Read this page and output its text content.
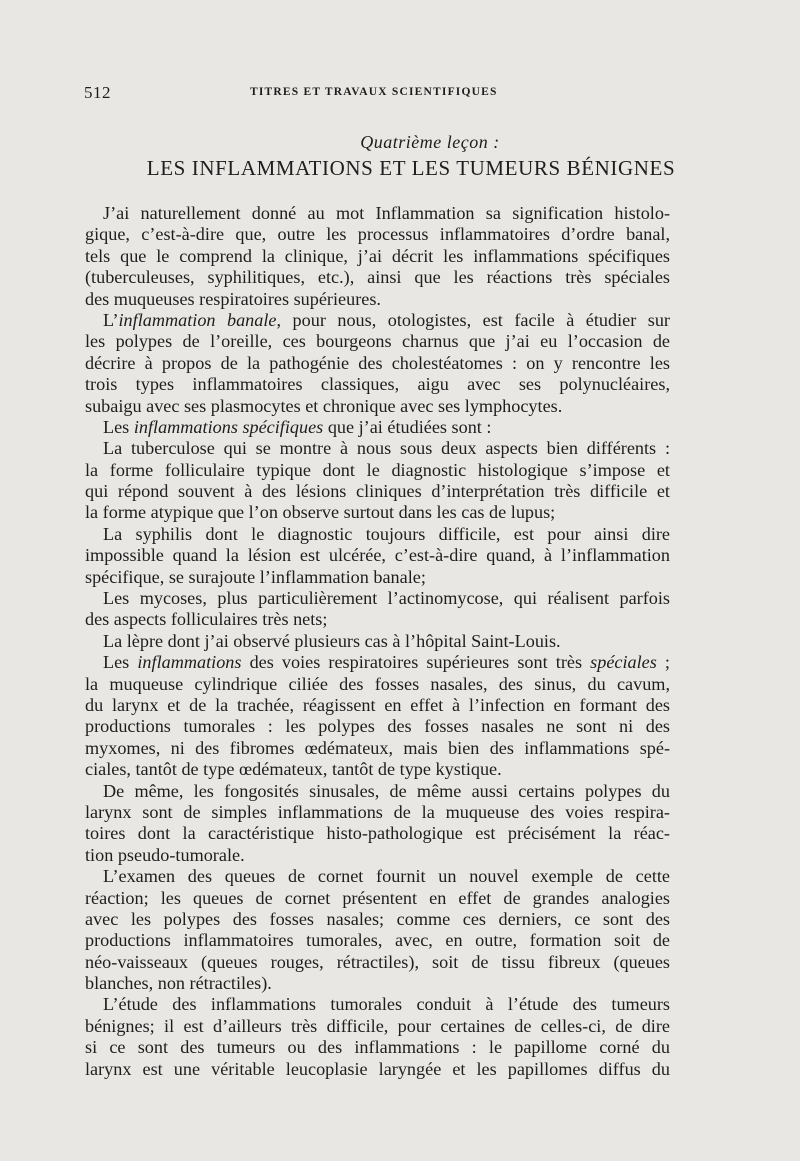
512	TITRES ET TRAVAUX SCIENTIFIQUES
Quatrième leçon :
LES INFLAMMATIONS ET LES TUMEURS BÉNIGNES
J’ai naturellement donné au mot Inflammation sa signification histolo-
gique, c’est-à-dire que, outre les processus inflammatoires d’ordre banal,
tels que le comprend la clinique, j’ai décrit les inflammations spécifiques
(tuberculeuses, syphilitiques, etc.), ainsi que les réactions très spéciales
des muqueuses respiratoires supérieures.
L’inflammation banale, pour nous, otologistes, est facile à étudier sur
les polypes de l’oreille, ces bourgeons charnus que j’ai eu l’occasion de
décrire à propos de la pathogénie des cholestéatomes : on y rencontre les
trois types inflammatoires classiques, aigu avec ses polynucléaires,
subaigu avec ses plasmocytes et chronique avec ses lymphocytes.
Les inflammations spécifiques que j’ai étudiées sont :
La tuberculose qui se montre à nous sous deux aspects bien différents :
la forme folliculaire typique dont le diagnostic histologique s’impose et
qui répond souvent à des lésions cliniques d’interprétation très difficile et
la forme atypique que l’on observe surtout dans les cas de lupus;
La syphilis dont le diagnostic toujours difficile, est pour ainsi dire
impossible quand la lésion est ulcérée, c’est-à-dire quand, à l’inflammation
spécifique, se surajoute l’inflammation banale;
Les mycoses, plus particulièrement l’actinomycose, qui réalisent parfois
des aspects folliculaires très nets;
La lèpre dont j’ai observé plusieurs cas à l’hôpital Saint-Louis.
Les inflammations des voies respiratoires supérieures sont très spéciales ;
la muqueuse cylindrique ciliée des fosses nasales, des sinus, du cavum,
du larynx et de la trachée, réagissent en effet à l’infection en formant des
productions tumorales : les polypes des fosses nasales ne sont ni des
myxomes, ni des fibromes œdémateux, mais bien des inflammations spé-
ciales, tantôt de type œdémateux, tantôt de type kystique.
De même, les fongosités sinusales, de même aussi certains polypes du
larynx sont de simples inflammations de la muqueuse des voies respira-
toires dont la caractéristique histo-pathologique est précisément la réac-
tion pseudo-tumorale.
L’examen des queues de cornet fournit un nouvel exemple de cette
réaction; les queues de cornet présentent en effet de grandes analogies
avec les polypes des fosses nasales; comme ces derniers, ce sont des
productions inflammatoires tumorales, avec, en outre, formation soit de
néo-vaisseaux (queues rouges, rétractiles), soit de tissu fibreux (queues
blanches, non rétractiles).
L’étude des inflammations tumorales conduit à l’étude des tumeurs
bénignes; il est d’ailleurs très difficile, pour certaines de celles-ci, de dire
si ce sont des tumeurs ou des inflammations : le papillome corné du
larynx est une véritable leucoplasie laryngée et les papillomes diffus du
